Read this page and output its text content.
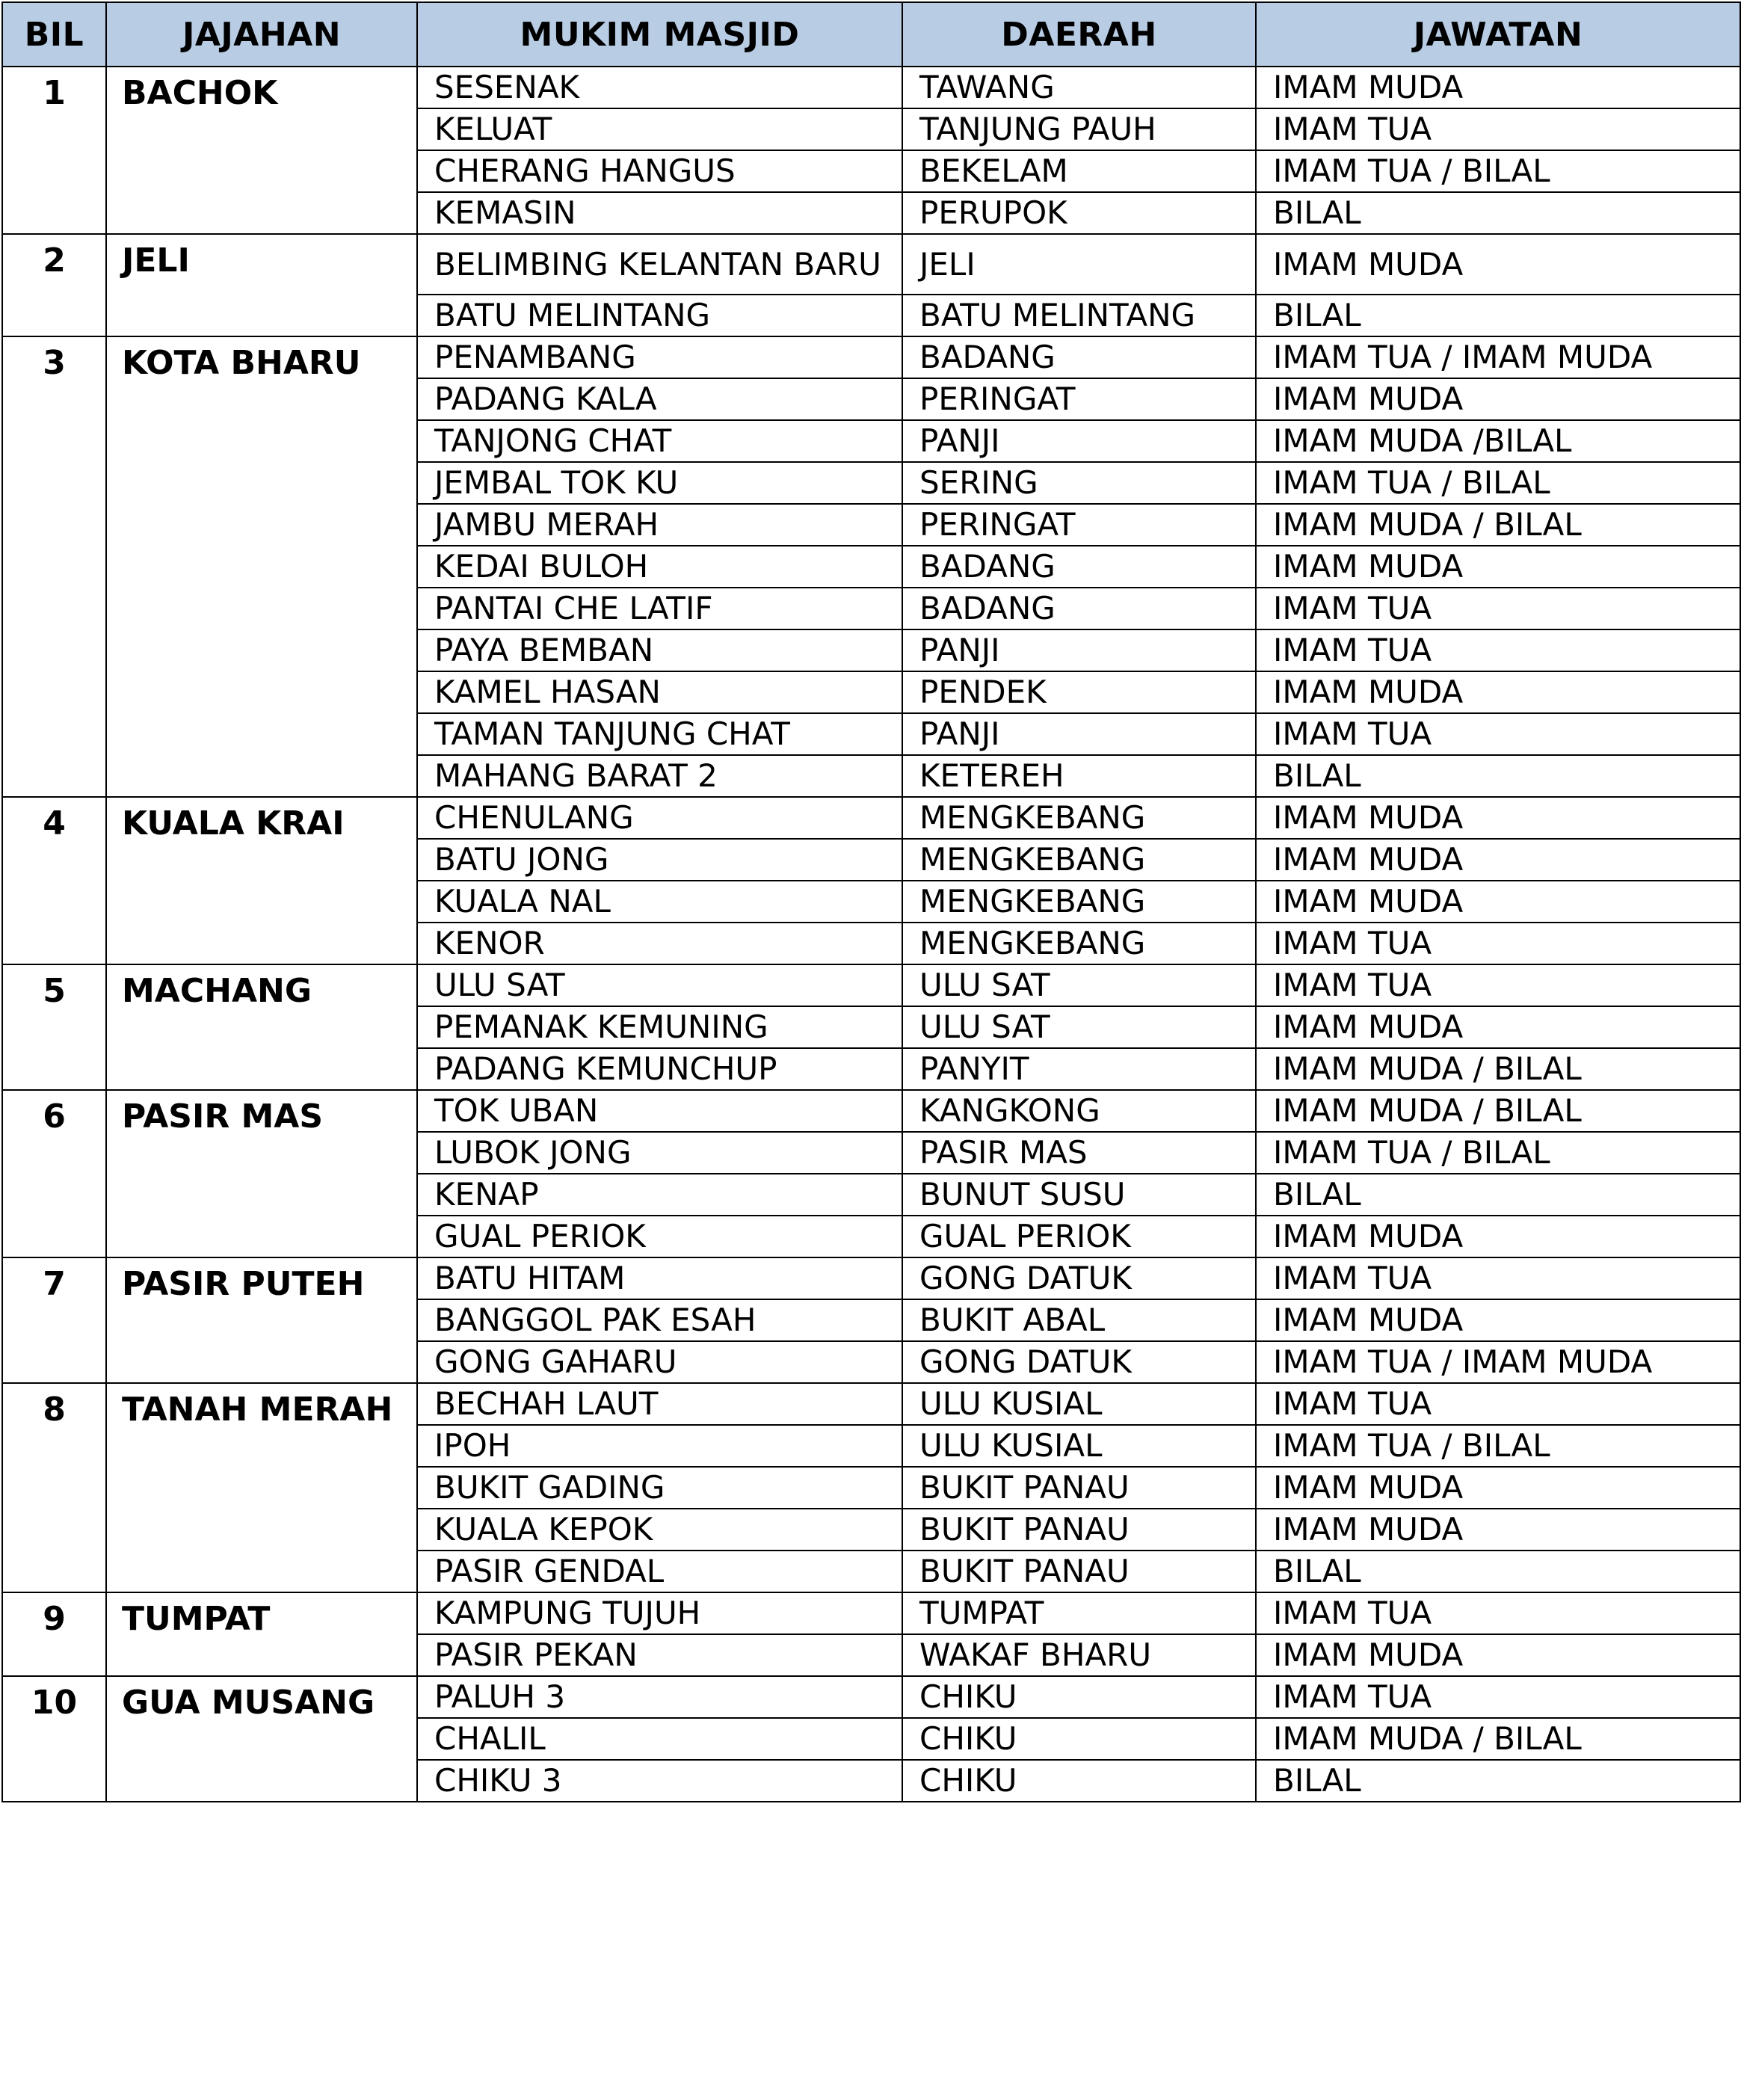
BIL	JAJAHAN	MUKIM MASJID	DAERAH	JAWATAN
1	BACHOK	SESENAK	TAWANG	IMAM MUDA
		KELUAT	TANJUNG PAUH	IMAM TUA
		CHERANG HANGUS	BEKELAM	IMAM TUA / BILAL
		KEMASIN	PERUPOK	BILAL
2	JELI	BELIMBING KELANTAN BARU	JELI	IMAM MUDA
		BATU MELINTANG	BATU MELINTANG	BILAL
3	KOTA BHARU	PENAMBANG	BADANG	IMAM TUA / IMAM MUDA
		PADANG KALA	PERINGAT	IMAM MUDA
		TANJONG CHAT	PANJI	IMAM MUDA /BILAL
		JEMBAL TOK KU	SERING	IMAM TUA / BILAL
		JAMBU MERAH	PERINGAT	IMAM MUDA / BILAL
		KEDAI BULOH	BADANG	IMAM MUDA
		PANTAI CHE LATIF	BADANG	IMAM TUA
		PAYA BEMBAN	PANJI	IMAM TUA
		KAMEL HASAN	PENDEK	IMAM MUDA
		TAMAN TANJUNG CHAT	PANJI	IMAM TUA
		MAHANG BARAT 2	KETEREH	BILAL
4	KUALA KRAI	CHENULANG	MENGKEBANG	IMAM MUDA
		BATU JONG	MENGKEBANG	IMAM MUDA
		KUALA NAL	MENGKEBANG	IMAM MUDA
		KENOR	MENGKEBANG	IMAM TUA
5	MACHANG	ULU SAT	ULU SAT	IMAM TUA
		PEMANAK KEMUNING	ULU SAT	IMAM MUDA
		PADANG KEMUNCHUP	PANYIT	IMAM MUDA / BILAL
6	PASIR MAS	TOK UBAN	KANGKONG	IMAM MUDA / BILAL
		LUBOK JONG	PASIR MAS	IMAM TUA / BILAL
		KENAP	BUNUT SUSU	BILAL
		GUAL PERIOK	GUAL PERIOK	IMAM MUDA
7	PASIR PUTEH	BATU HITAM	GONG DATUK	IMAM TUA
		BANGGOL PAK ESAH	BUKIT ABAL	IMAM MUDA
		GONG GAHARU	GONG DATUK	IMAM TUA / IMAM MUDA
8	TANAH MERAH	BECHAH LAUT	ULU KUSIAL	IMAM TUA
		IPOH	ULU KUSIAL	IMAM TUA / BILAL
		BUKIT GADING	BUKIT PANAU	IMAM MUDA
		KUALA KEPOK	BUKIT PANAU	IMAM MUDA
		PASIR GENDAL	BUKIT PANAU	BILAL
9	TUMPAT	KAMPUNG TUJUH	TUMPAT	IMAM TUA
		PASIR PEKAN	WAKAF BHARU	IMAM MUDA
10	GUA MUSANG	PALUH 3	CHIKU	IMAM TUA
		CHALIL	CHIKU	IMAM MUDA / BILAL
		CHIKU 3	CHIKU	BILAL
